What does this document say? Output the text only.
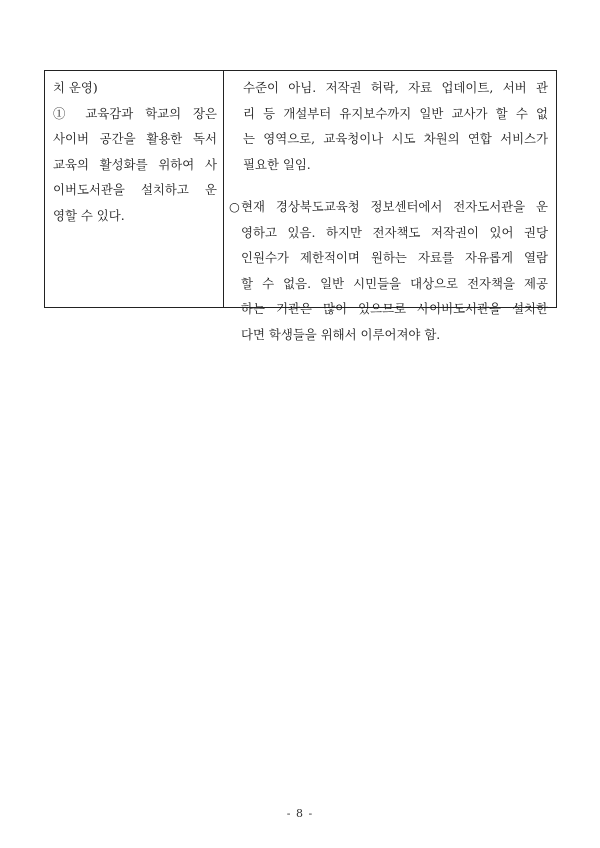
치 운영)
① 교육감과 학교의 장은
사이버 공간을 활용한 독서
교육의 활성화를 위하여 사
이버도서관을 설치하고 운
영할 수 있다.
수준이 아님. 저작권 허락, 자료 업데이트, 서버 관
리 등 개설부터 유지보수까지 일반 교사가 할 수 없
는 영역으로, 교육청이나 시도 차원의 연합 서비스가
필요한 일임.
○ 현재 경상북도교육청 정보센터에서 전자도서관을 운
영하고 있음. 하지만 전자책도 저작권이 있어 권당
인원수가 제한적이며 원하는 자료를 자유롭게 열람
할 수 없음. 일반 시민들을 대상으로 전자책을 제공
하는 기관은 많이 있으므로 사이버도서관을 설치한
다면 학생들을 위해서 이루어져야 함.
- 8 -
